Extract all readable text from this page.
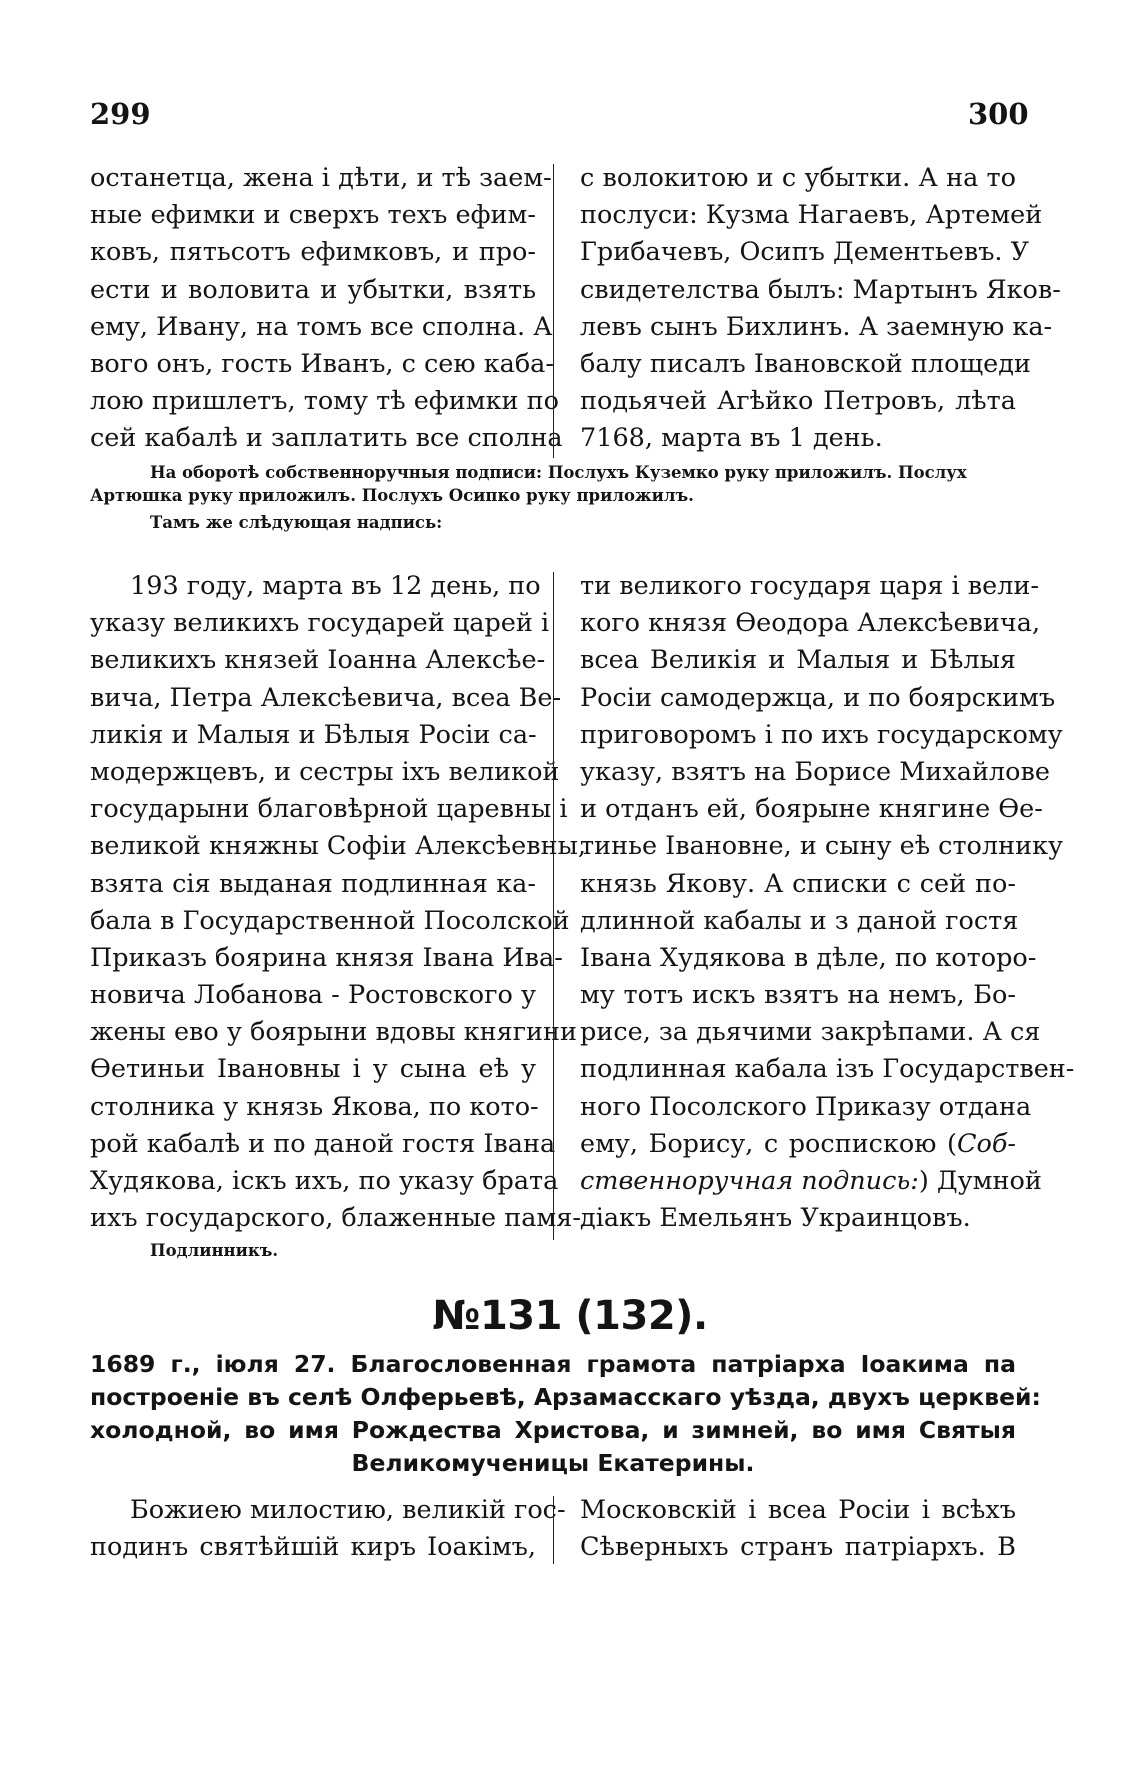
299	300
останетца, жена і дѣти, и тѣ заем-
ные ефимки и сверхъ техъ ефим-
ковъ, пятьсотъ ефимковъ, и про-
ести и воловита и убытки, взять
ему, Ивану, на томъ все сполна. А
вого онъ, гость Иванъ, с сею каба-
лою пришлетъ, тому тѣ ефимки по
сей кабалѣ и заплатить все сполна
с волокитою и с убытки. А на то
послуси: Кузма Нагаевъ, Артемей
Грибачевъ, Осипъ Дементьевъ. У
свидетелства былъ: Мартынъ Яков-
левъ сынъ Бихлинъ. А заемную ка-
балу писалъ Івановской площеди
подьячей Агѣйко Петровъ, лѣта
7168, марта въ 1 день.
На оборотѣ собственноручныя подписи: Послухъ Куземко руку приложилъ. Послух
Артюшка руку приложилъ. Послухъ Осипко руку приложилъ.
Тамъ же слѣдующая надпись:
193 году, марта въ 12 день, по
указу великихъ государей царей і
великихъ князей Іоанна Алексѣе-
вича, Петра Алексѣевича, всеа Ве-
ликія и Малыя и Бѣлыя Росіи са-
модержцевъ, и сестры іхъ великой
государыни благовѣрной царевны і
великой княжны Софіи Алексѣевны,
взята сія выданая подлинная ка-
бала в Государственной Посолской
Приказъ боярина князя Івана Ива-
новича Лобанова - Ростовского у
жены ево у боярыни вдовы княгини
Өетиньи Івановны і у сына еѣ у
столника у князь Якова, по кото-
рой кабалѣ и по даной гостя Івана
Худякова, іскъ ихъ, по указу брата
ихъ государского, блаженные памя-
ти великого государя царя і вели-
кого князя Өеодора Алексѣевича,
всеа Великія и Малыя и Бѣлыя
Росіи самодержца, и по боярскимъ
приговоромъ і по ихъ государскому
указу, взятъ на Борисе Михайлове
и отданъ ей, боярыне княгине Өе-
тинье Івановне, и сыну еѣ столнику
князь Якову. А списки с сей по-
длинной кабалы и з даной гостя
Івана Худякова в дѣле, по которо-
му тотъ искъ взятъ на немъ, Бо-
рисе, за дьячими закрѣпами. А ся
подлинная кабала ізъ Государствен-
ного Посолского Приказу отдана
ему, Борису, с роспискою (Соб-
ственноручная подпись:) Думной
діакъ Емельянъ Украинцовъ.
Подлинникъ.
№131 (132).
1689 г., іюля 27. Благословенная грамота патріарха Іоакима па
построеніе въ селѣ Олферьевѣ, Арзамасскаго уѣзда, двухъ церквей:
холодной, во имя Рождества Христова, и зимней, во имя Святыя
Великомученицы Екатерины.
Божиею милостию, великій гос-
подинъ святѣйшій киръ Іоакімъ,
Московскій і всеа Росіи і всѣхъ
Сѣверныхъ странъ патріархъ. В
